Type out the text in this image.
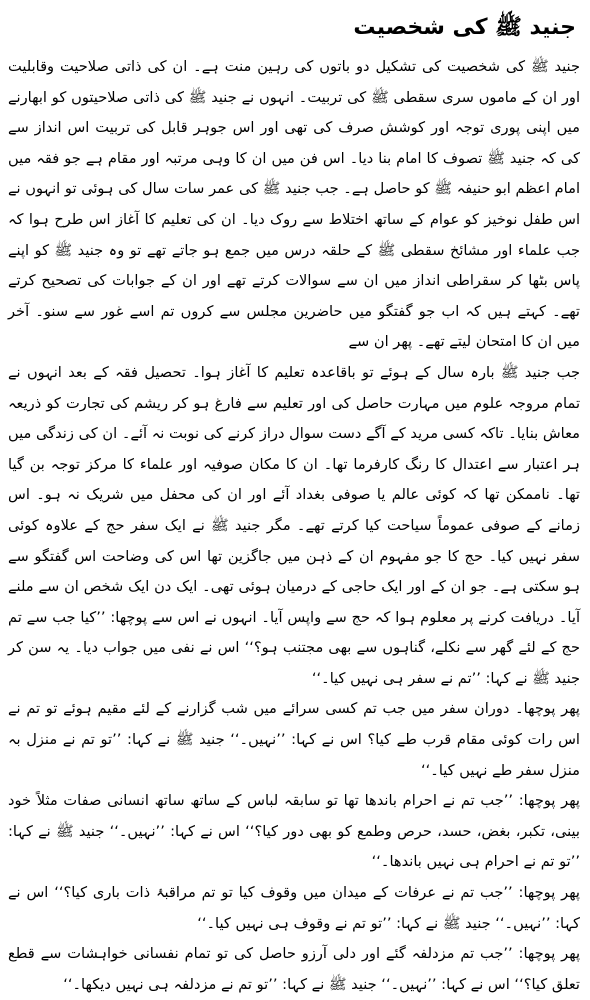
جنید ﷺ کی شخصیت

جنید ﷺ کی شخصیت کی تشکیل دو باتوں کی رہین منت ہے۔ ان کی ذاتی صلاحیت وقابلیت اور ان کے ماموں سری سقطی ﷺ کی تربیت۔ انہوں نے جنید ﷺ کی ذاتی صلاحیتوں کو ابھارنے میں اپنی پوری توجہ اور کوشش صرف کی تھی اور اس جوہر قابل کی تربیت اس انداز سے کی کہ جنید ﷺ تصوف کا امام بنا دیا۔ اس فن میں ان کا وہی مرتبہ اور مقام ہے جو فقہ میں امام اعظم ابو حنیفہ ﷺ کو حاصل ہے۔ جب جنید ﷺ کی عمر سات سال کی ہوئی تو انہوں نے اس طفل نوخیز کو عوام کے ساتھ اختلاط سے روک دیا۔ ان کی تعلیم کا آغاز اس طرح ہوا کہ جب علماء اور مشائخ سقطی ﷺ کے حلقہ درس میں جمع ہو جاتے تھے تو وہ جنید ﷺ کو اپنے پاس بٹھا کر سقراطی انداز میں ان سے سوالات کرتے تھے اور ان کے جوابات کی تصحیح کرتے تھے۔ کہتے ہیں کہ اب جو گفتگو میں حاضرین مجلس سے کروں تم اسے غور سے سنو۔ آخر میں ان کا امتحان لیتے تھے۔ پھر ان سے

جب جنید ﷺ بارہ سال کے ہوئے تو باقاعدہ تعلیم کا آغاز ہوا۔ تحصیل فقہ کے بعد انہوں نے تمام مروجہ علوم میں مہارت حاصل کی اور تعلیم سے فارغ ہو کر ریشم کی تجارت کو ذریعہ معاش بنایا۔ تاکہ کسی مرید کے آگے دست سوال دراز کرنے کی نوبت نہ آئے۔ ان کی زندگی میں ہر اعتبار سے اعتدال کا رنگ کارفرما تھا۔ ان کا مکان صوفیہ اور علماء کا مرکز توجہ بن گیا تھا۔ ناممکن تھا کہ کوئی عالم یا صوفی بغداد آئے اور ان کی محفل میں شریک نہ ہو۔ اس زمانے کے صوفی عموماً سیاحت کیا کرتے تھے۔ مگر جنید ﷺ نے ایک سفر حج کے علاوہ کوئی سفر نہیں کیا۔ حج کا جو مفہوم ان کے ذہن میں جاگزین تھا اس کی وضاحت اس گفتگو سے ہو سکتی ہے۔ جو ان کے اور ایک حاجی کے درمیان ہوئی تھی۔ ایک دن ایک شخص ان سے ملنے آیا۔ دریافت کرنے پر معلوم ہوا کہ حج سے واپس آیا۔ انہوں نے اس سے پوچھا: ’’کیا جب سے تم حج کے لئے گھر سے نکلے، گناہوں سے بھی مجتنب ہو؟‘‘ اس نے نفی میں جواب دیا۔ یہ سن کر جنید ﷺ نے کہا: ’’تم نے سفر ہی نہیں کیا۔‘‘

پھر پوچھا۔ دوران سفر میں جب تم کسی سرائے میں شب گزارنے کے لئے مقیم ہوئے تو تم نے اس رات کوئی مقام قرب طے کیا؟ اس نے کہا: ’’نہیں۔‘‘ جنید ﷺ نے کہا: ’’تو تم نے منزل بہ منزل سفر طے نہیں کیا۔‘‘

پھر پوچھا: ’’جب تم نے احرام باندھا تھا تو سابقہ لباس کے ساتھ ساتھ انسانی صفات مثلاً خود بینی، تکبر، بغض، حسد، حرص وطمع کو بھی دور کیا؟‘‘ اس نے کہا: ’’نہیں۔‘‘ جنید ﷺ نے کہا: ’’تو تم نے احرام ہی نہیں باندھا۔‘‘

پھر پوچھا: ’’جب تم نے عرفات کے میدان میں وقوف کیا تو تم مراقبۂ ذات باری کیا؟‘‘ اس نے کہا: ’’نہیں۔‘‘ جنید ﷺ نے کہا: ’’تو تم نے وقوف ہی نہیں کیا۔‘‘

پھر پوچھا: ’’جب تم مزدلفہ گئے اور دلی آرزو حاصل کی تو تمام نفسانی خواہشات سے قطع تعلق کیا؟‘‘ اس نے کہا: ’’نہیں۔‘‘ جنید ﷺ نے کہا: ’’تو تم نے مزدلفہ ہی نہیں دیکھا۔‘‘
